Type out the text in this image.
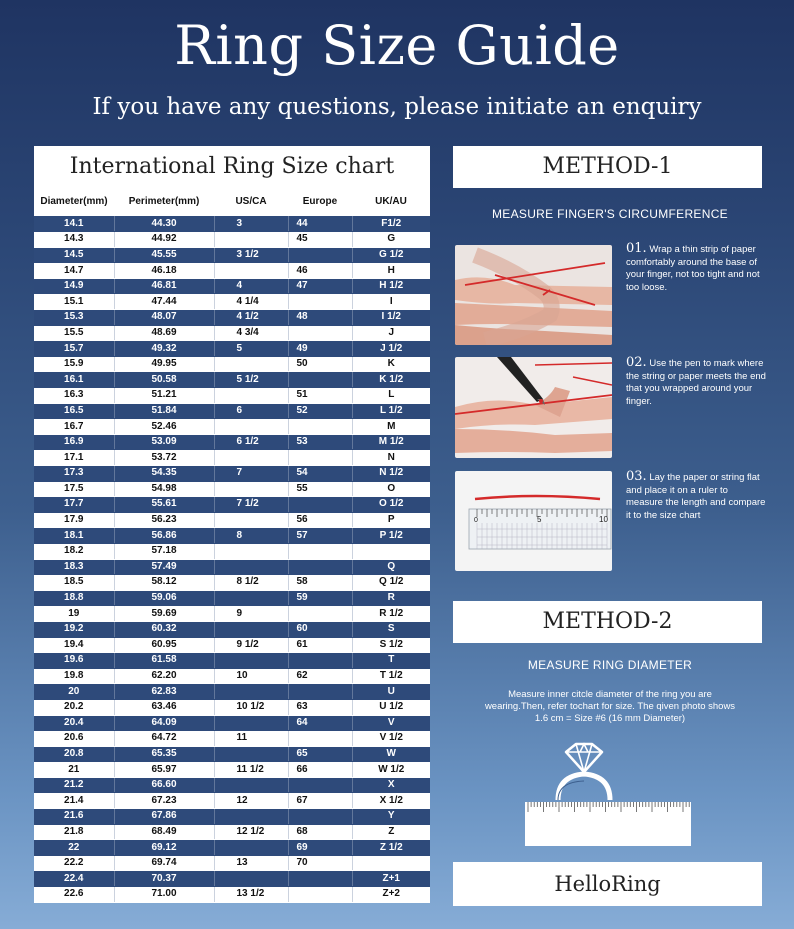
Ring Size Guide
If you have any questions, please initiate an enquiry
International Ring Size chart
Diameter(mm)	Perimeter(mm)	US/CA	Europe	UK/AU
14.1	44.30	3	44	F1/2
14.3	44.92		45	G
14.5	45.55	3 1/2		G 1/2
14.7	46.18		46	H
14.9	46.81	4	47	H 1/2
15.1	47.44	4 1/4		I
15.3	48.07	4 1/2	48	I 1/2
15.5	48.69	4 3/4		J
15.7	49.32	5	49	J 1/2
15.9	49.95		50	K
16.1	50.58	5 1/2		K 1/2
16.3	51.21		51	L
16.5	51.84	6	52	L 1/2
16.7	52.46			M
16.9	53.09	6 1/2	53	M 1/2
17.1	53.72			N
17.3	54.35	7	54	N 1/2
17.5	54.98		55	O
17.7	55.61	7 1/2		O 1/2
17.9	56.23		56	P
18.1	56.86	8	57	P 1/2
18.2	57.18			
18.3	57.49			Q
18.5	58.12	8 1/2	58	Q 1/2
18.8	59.06		59	R
19	59.69	9		R 1/2
19.2	60.32		60	S
19.4	60.95	9 1/2	61	S 1/2
19.6	61.58			T
19.8	62.20	10	62	T 1/2
20	62.83			U
20.2	63.46	10 1/2	63	U 1/2
20.4	64.09		64	V
20.6	64.72	11		V 1/2
20.8	65.35		65	W
21	65.97	11 1/2	66	W 1/2
21.2	66.60			X
21.4	67.23	12	67	X 1/2
21.6	67.86			Y
21.8	68.49	12 1/2	68	Z
22	69.12		69	Z 1/2
22.2	69.74	13	70	
22.4	70.37			Z+1
22.6	71.00	13 1/2		Z+2
METHOD-1
MEASURE FINGER'S CIRCUMFERENCE
01. Wrap a thin strip of paper comfortably around the base of your finger, not too tight and not too loose.
02. Use the pen to mark where the string or paper meets the end that you wrapped around your finger.
0	5	10
03. Lay the paper or string flat and place it on a ruler to measure the length and compare it to the size chart
METHOD-2
MEASURE RING DIAMETER
Measure inner citcle diameter of the ring you are wearing.Then, refer tochart for size. The qiven photo shows 1.6 cm = Size #6 (16 mm Diameter)
HelloRing
